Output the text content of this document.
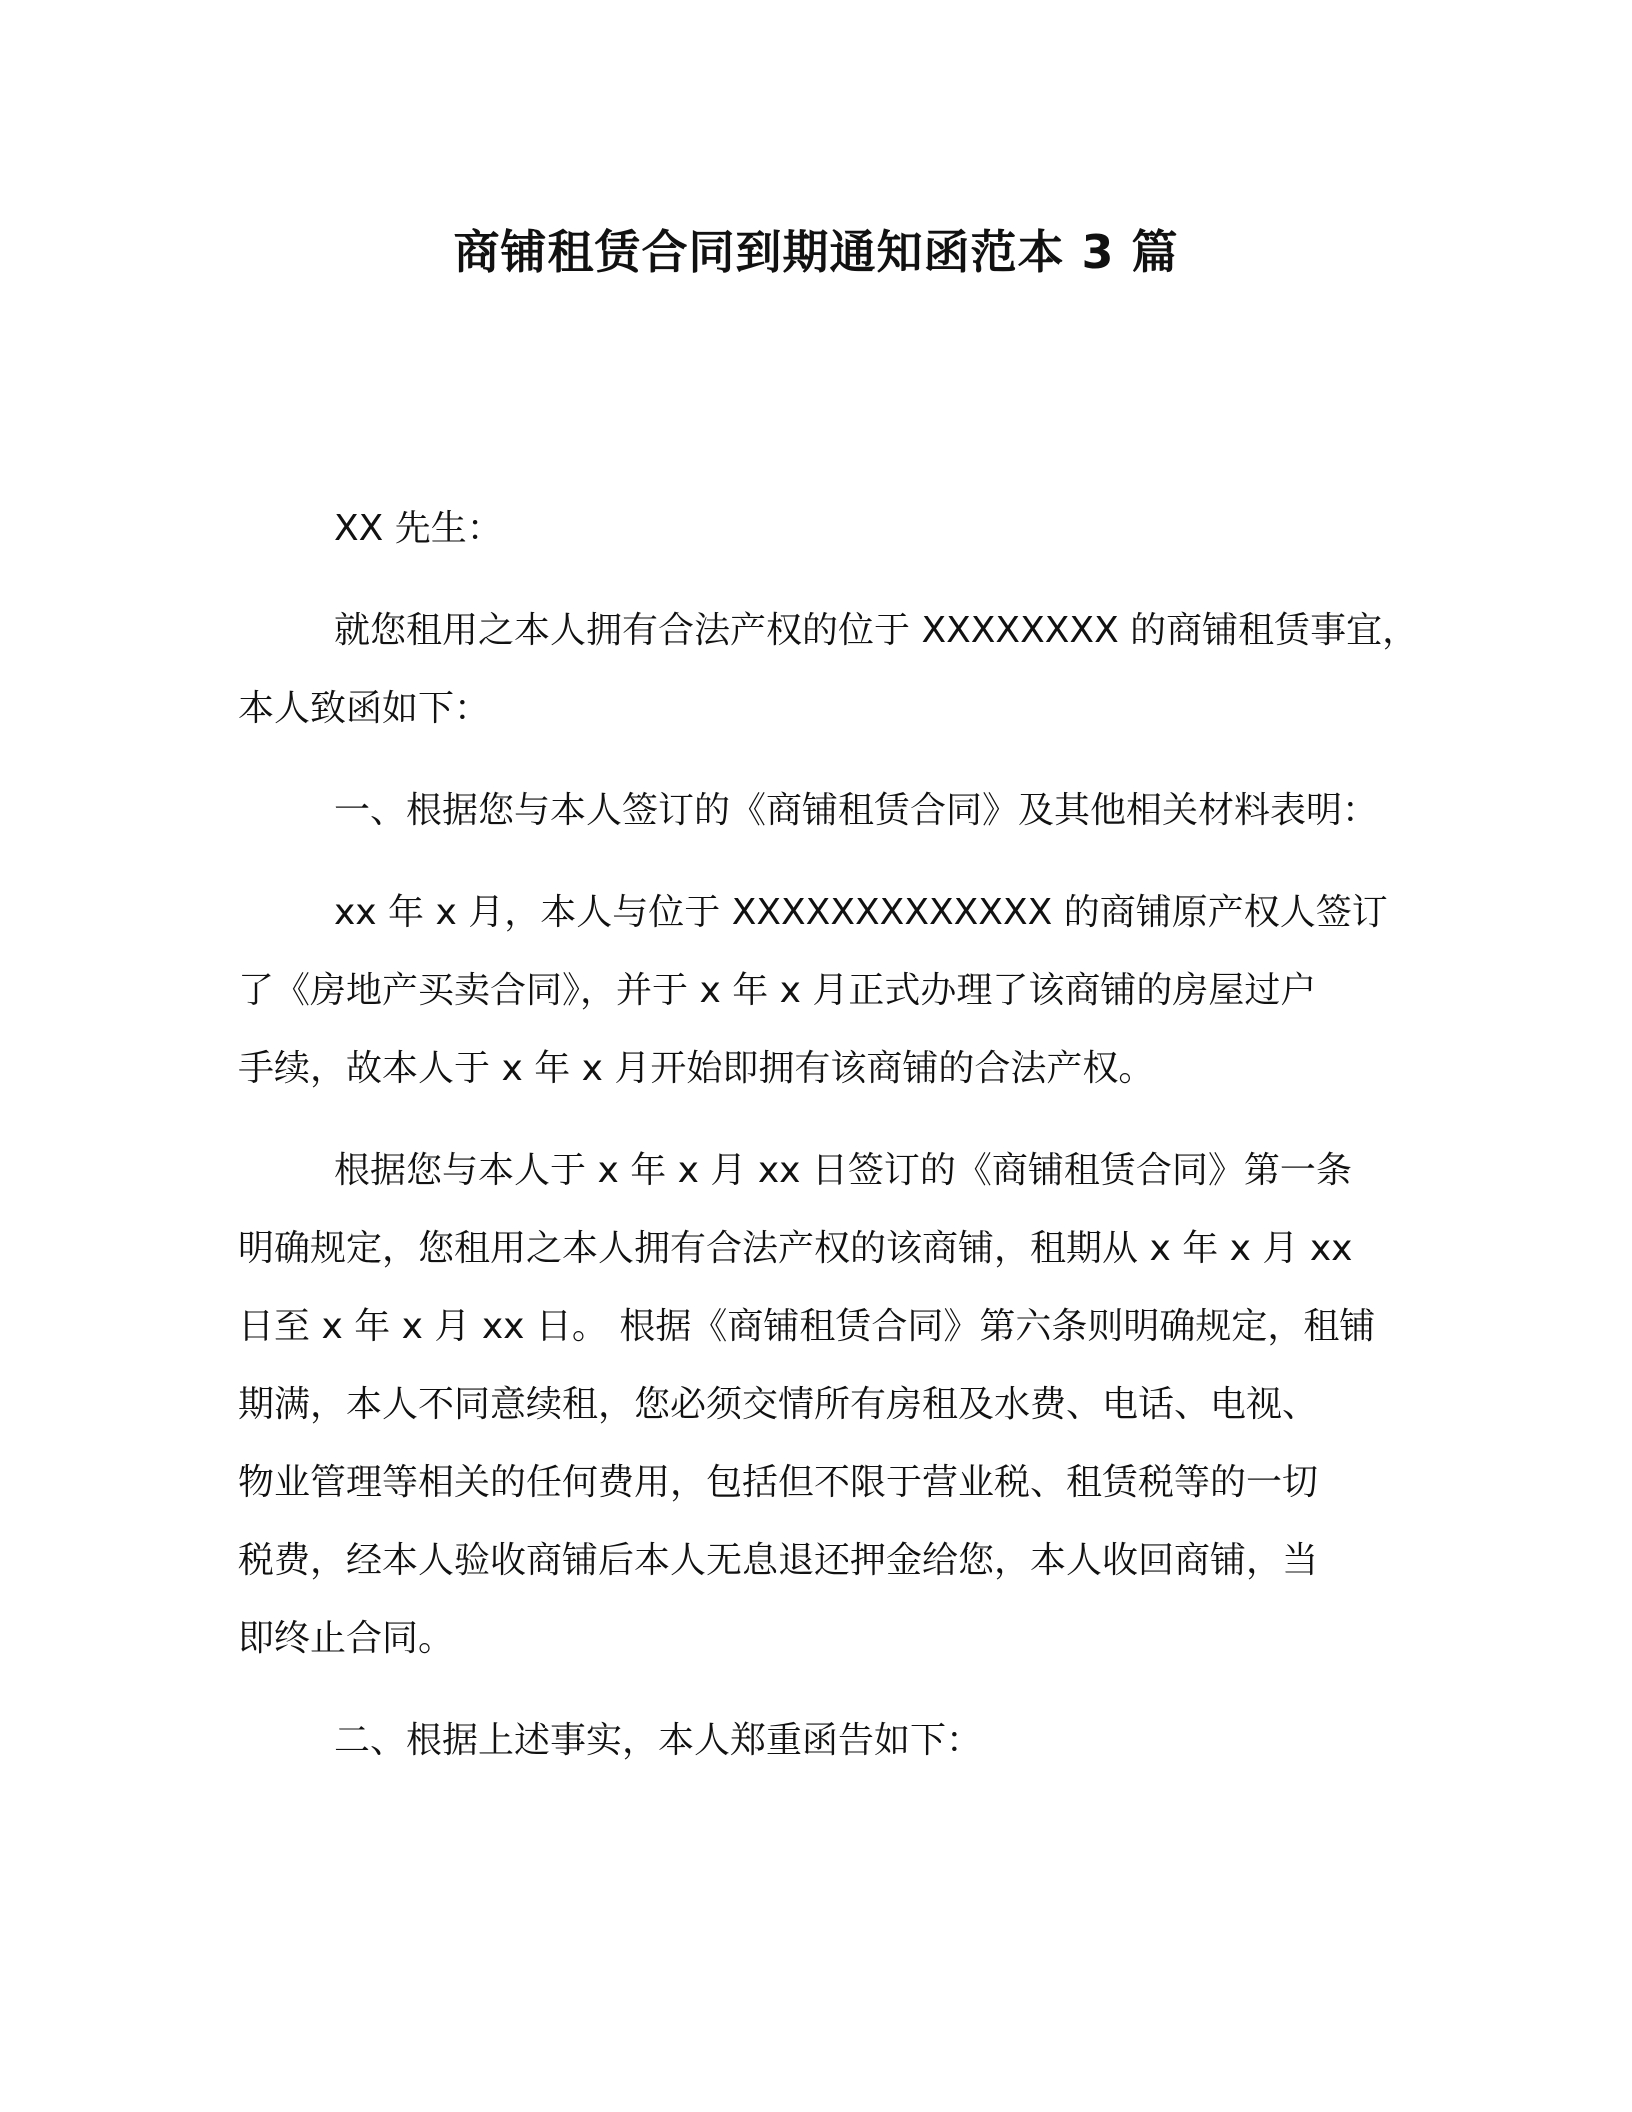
商铺租赁合同到期通知函范本 3 篇
XX 先生：
就您租用之本人拥有合法产权的位于 XXXXXXXX 的商铺租赁事宜，
本人致函如下：
一、根据您与本人签订的《商铺租赁合同》及其他相关材料表明：
xx 年 x 月，本人与位于 XXXXXXXXXXXXX 的商铺原产权人签订
了《房地产买卖合同》，并于 x 年 x 月正式办理了该商铺的房屋过户
手续，故本人于 x 年 x 月开始即拥有该商铺的合法产权。
根据您与本人于 x 年 x 月 xx 日签订的《商铺租赁合同》第一条
明确规定，您租用之本人拥有合法产权的该商铺，租期从 x 年 x 月 xx
日至 x 年 x 月 xx 日。 根据《商铺租赁合同》第六条则明确规定，租铺
期满，本人不同意续租，您必须交情所有房租及水费、电话、电视、
物业管理等相关的任何费用，包括但不限于营业税、租赁税等的一切
税费，经本人验收商铺后本人无息退还押金给您，本人收回商铺，当
即终止合同。
二、根据上述事实，本人郑重函告如下：
